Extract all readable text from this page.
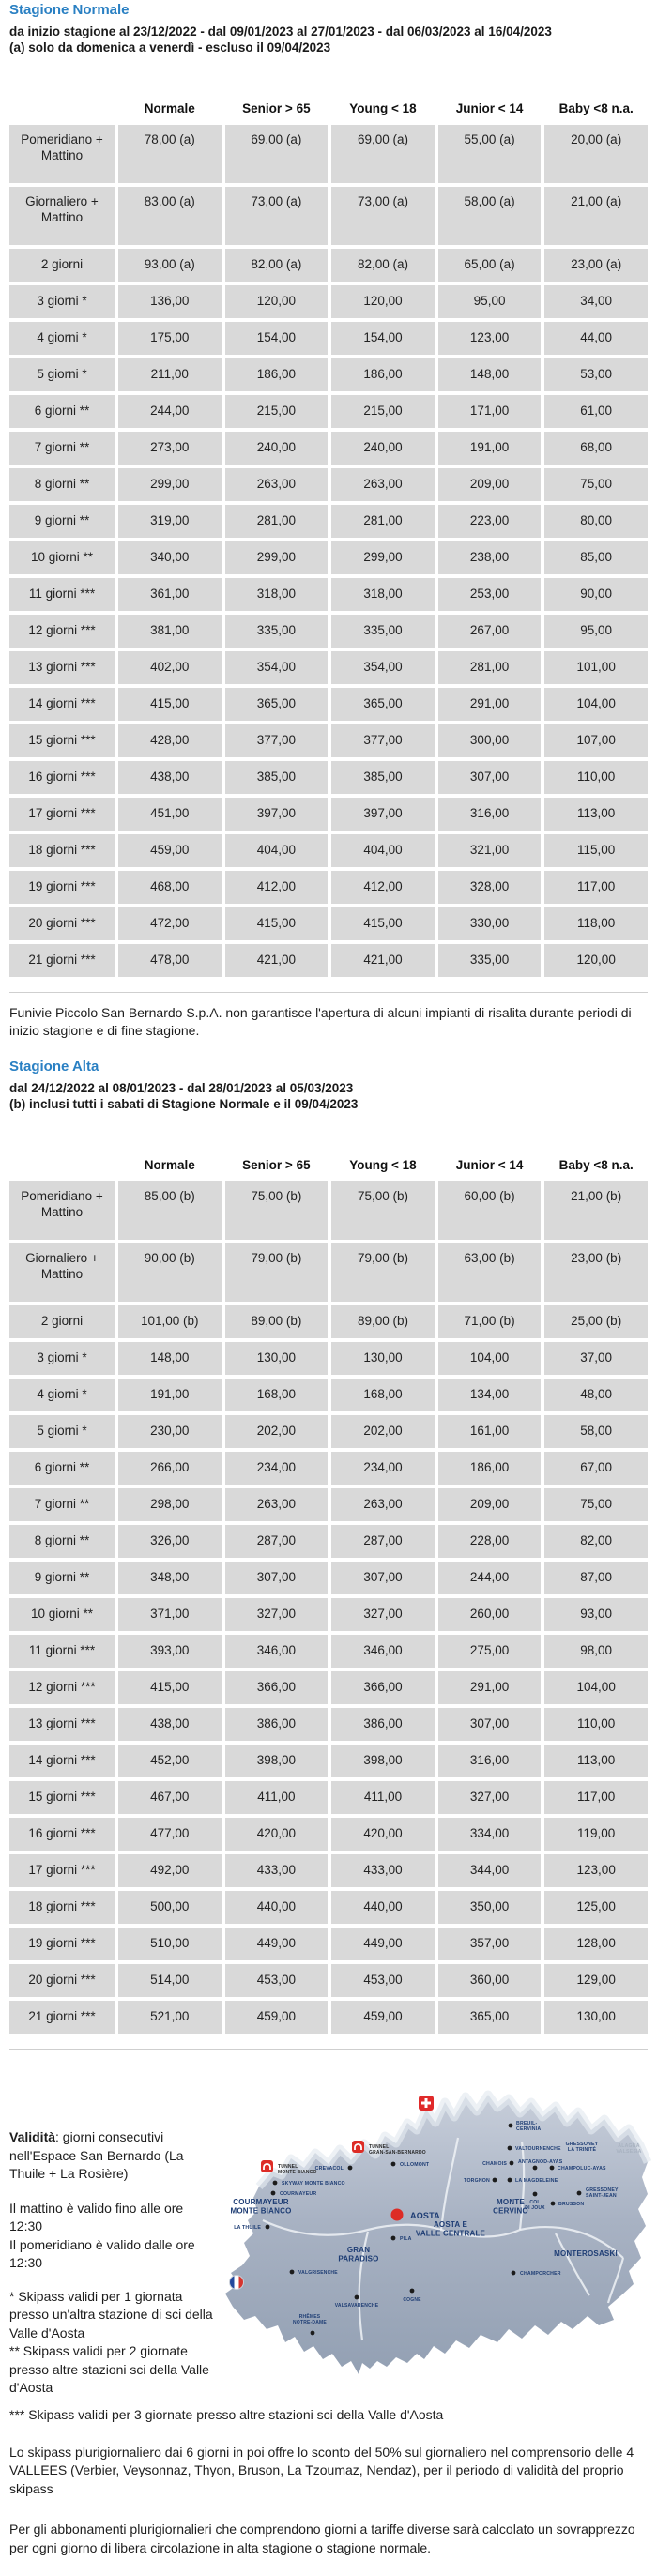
Stagione Normale

da inizio stagione al 23/12/2022 - dal 09/01/2023 al 27/01/2023 - dal 06/03/2023 al 16/04/2023
(a) solo da domenica a venerdì - escluso il 09/04/2023

	Normale	Senior > 65	Young < 18	Junior < 14	Baby <8 n.a.
Pomeridiano + Mattino	78,00 (a)	69,00 (a)	69,00 (a)	55,00 (a)	20,00 (a)
Giornaliero + Mattino	83,00 (a)	73,00 (a)	73,00 (a)	58,00 (a)	21,00 (a)
2 giorni	93,00 (a)	82,00 (a)	82,00 (a)	65,00 (a)	23,00 (a)
3 giorni *	136,00	120,00	120,00	95,00	34,00
4 giorni *	175,00	154,00	154,00	123,00	44,00
5 giorni *	211,00	186,00	186,00	148,00	53,00
6 giorni **	244,00	215,00	215,00	171,00	61,00
7 giorni **	273,00	240,00	240,00	191,00	68,00
8 giorni **	299,00	263,00	263,00	209,00	75,00
9 giorni **	319,00	281,00	281,00	223,00	80,00
10 giorni **	340,00	299,00	299,00	238,00	85,00
11 giorni ***	361,00	318,00	318,00	253,00	90,00
12 giorni ***	381,00	335,00	335,00	267,00	95,00
13 giorni ***	402,00	354,00	354,00	281,00	101,00
14 giorni ***	415,00	365,00	365,00	291,00	104,00
15 giorni ***	428,00	377,00	377,00	300,00	107,00
16 giorni ***	438,00	385,00	385,00	307,00	110,00
17 giorni ***	451,00	397,00	397,00	316,00	113,00
18 giorni ***	459,00	404,00	404,00	321,00	115,00
19 giorni ***	468,00	412,00	412,00	328,00	117,00
20 giorni ***	472,00	415,00	415,00	330,00	118,00
21 giorni ***	478,00	421,00	421,00	335,00	120,00

Funivie Piccolo San Bernardo S.p.A. non garantisce l'apertura di alcuni impianti di risalita durante periodi di inizio stagione e di fine stagione.

Stagione Alta

dal 24/12/2022 al 08/01/2023 - dal 28/01/2023 al 05/03/2023
(b) inclusi tutti i sabati di Stagione Normale e il 09/04/2023

	Normale	Senior > 65	Young < 18	Junior < 14	Baby <8 n.a.
Pomeridiano + Mattino	85,00 (b)	75,00 (b)	75,00 (b)	60,00 (b)	21,00 (b)
Giornaliero + Mattino	90,00 (b)	79,00 (b)	79,00 (b)	63,00 (b)	23,00 (b)
2 giorni	101,00 (b)	89,00 (b)	89,00 (b)	71,00 (b)	25,00 (b)
3 giorni *	148,00	130,00	130,00	104,00	37,00
4 giorni *	191,00	168,00	168,00	134,00	48,00
5 giorni *	230,00	202,00	202,00	161,00	58,00
6 giorni **	266,00	234,00	234,00	186,00	67,00
7 giorni **	298,00	263,00	263,00	209,00	75,00
8 giorni **	326,00	287,00	287,00	228,00	82,00
9 giorni **	348,00	307,00	307,00	244,00	87,00
10 giorni **	371,00	327,00	327,00	260,00	93,00
11 giorni ***	393,00	346,00	346,00	275,00	98,00
12 giorni ***	415,00	366,00	366,00	291,00	104,00
13 giorni ***	438,00	386,00	386,00	307,00	110,00
14 giorni ***	452,00	398,00	398,00	316,00	113,00
15 giorni ***	467,00	411,00	411,00	327,00	117,00
16 giorni ***	477,00	420,00	420,00	334,00	119,00
17 giorni ***	492,00	433,00	433,00	344,00	123,00
18 giorni ***	500,00	440,00	440,00	350,00	125,00
19 giorni ***	510,00	449,00	449,00	357,00	128,00
20 giorni ***	514,00	453,00	453,00	360,00	129,00
21 giorni ***	521,00	459,00	459,00	365,00	130,00

Validità: giorni consecutivi nell'Espace San Bernardo (La Thuile + La Rosière)

Il mattino è valido fino alle ore 12:30
Il pomeridiano è valido dalle ore 12:30

* Skipass validi per 1 giornata presso un'altra stazione di sci della Valle d'Aosta
** Skipass validi per 2 giornate presso altre stazioni sci della Valle d'Aosta

TUNNEL MONTE BIANCO
SKYWAY MONTE BIANCO
COURMAYEUR
COURMAYEUR MONTE BIANCO
LA THUILE
TUNNEL GRAN-SAN-BERNARDO
CREVACOL
OLLOMONT
AOSTA
PILA
AOSTA E VALLE CENTRALE
GRAN PARADISO
VALSAVARENCHE
COGNE
RHÊMES NOTRE-DAME
VALGRISENCHE
BREUIL-CERVINIA
VALTOURNENCHE
CHAMOIS ANTAGNOD-AYAS
CHAMPOLUC-AYAS
TORGNON	LA MAGDELEINE
MONTE CERVINO
COL DI JOUX
BRUSSON
GRESSONEY LA TRINITÉ
GRESSONEY SAINT-JEAN
MONTEROSASKI
CHAMPORCHER
ALAGNA VALSESIA

*** Skipass validi per 3 giornate presso altre stazioni sci della Valle d'Aosta

Lo skipass plurigiornaliero dai 6 giorni in poi offre lo sconto del 50% sul giornaliero nel comprensorio delle 4 VALLEES (Verbier, Veysonnaz, Thyon, Bruson, La Tzoumaz, Nendaz), per il periodo di validità del proprio skipass

Per gli abbonamenti plurigiornalieri che comprendono giorni a tariffe diverse sarà calcolato un sovrapprezzo per ogni giorno di libera circolazione in alta stagione o stagione normale.
